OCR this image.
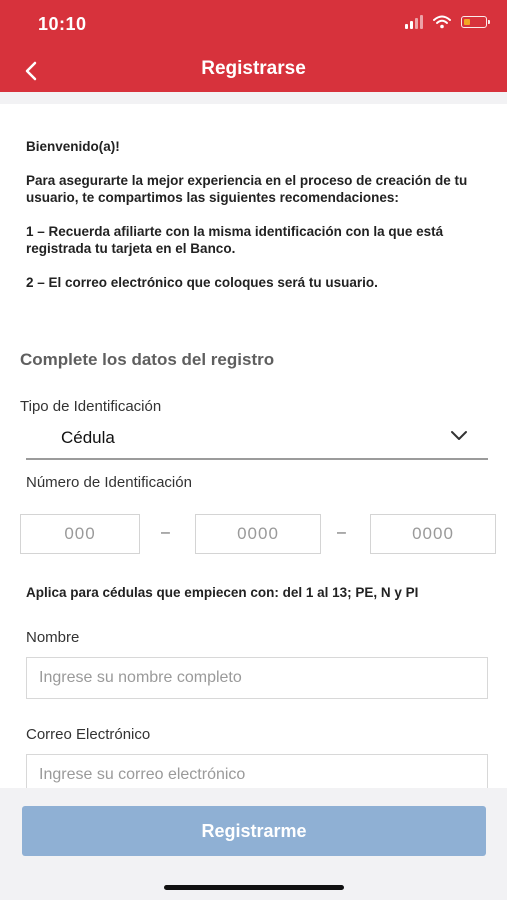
10:10
Registrarse

Bienvenido(a)!

Para asegurarte la mejor experiencia en el proceso de creación de tu usuario, te compartimos las siguientes recomendaciones:

1 – Recuerda afiliarte con la misma identificación con la que está registrada tu tarjeta en el Banco.

2 – El correo electrónico que coloques será tu usuario.

Complete los datos del registro
Tipo de Identificación
Cédula
Número de Identificación
000	–	0000	–	0000
Aplica para cédulas que empiecen con: del 1 al 13; PE, N y PI
Nombre
Ingrese su nombre completo
Correo Electrónico
Ingrese su correo electrónico
Registrarme
